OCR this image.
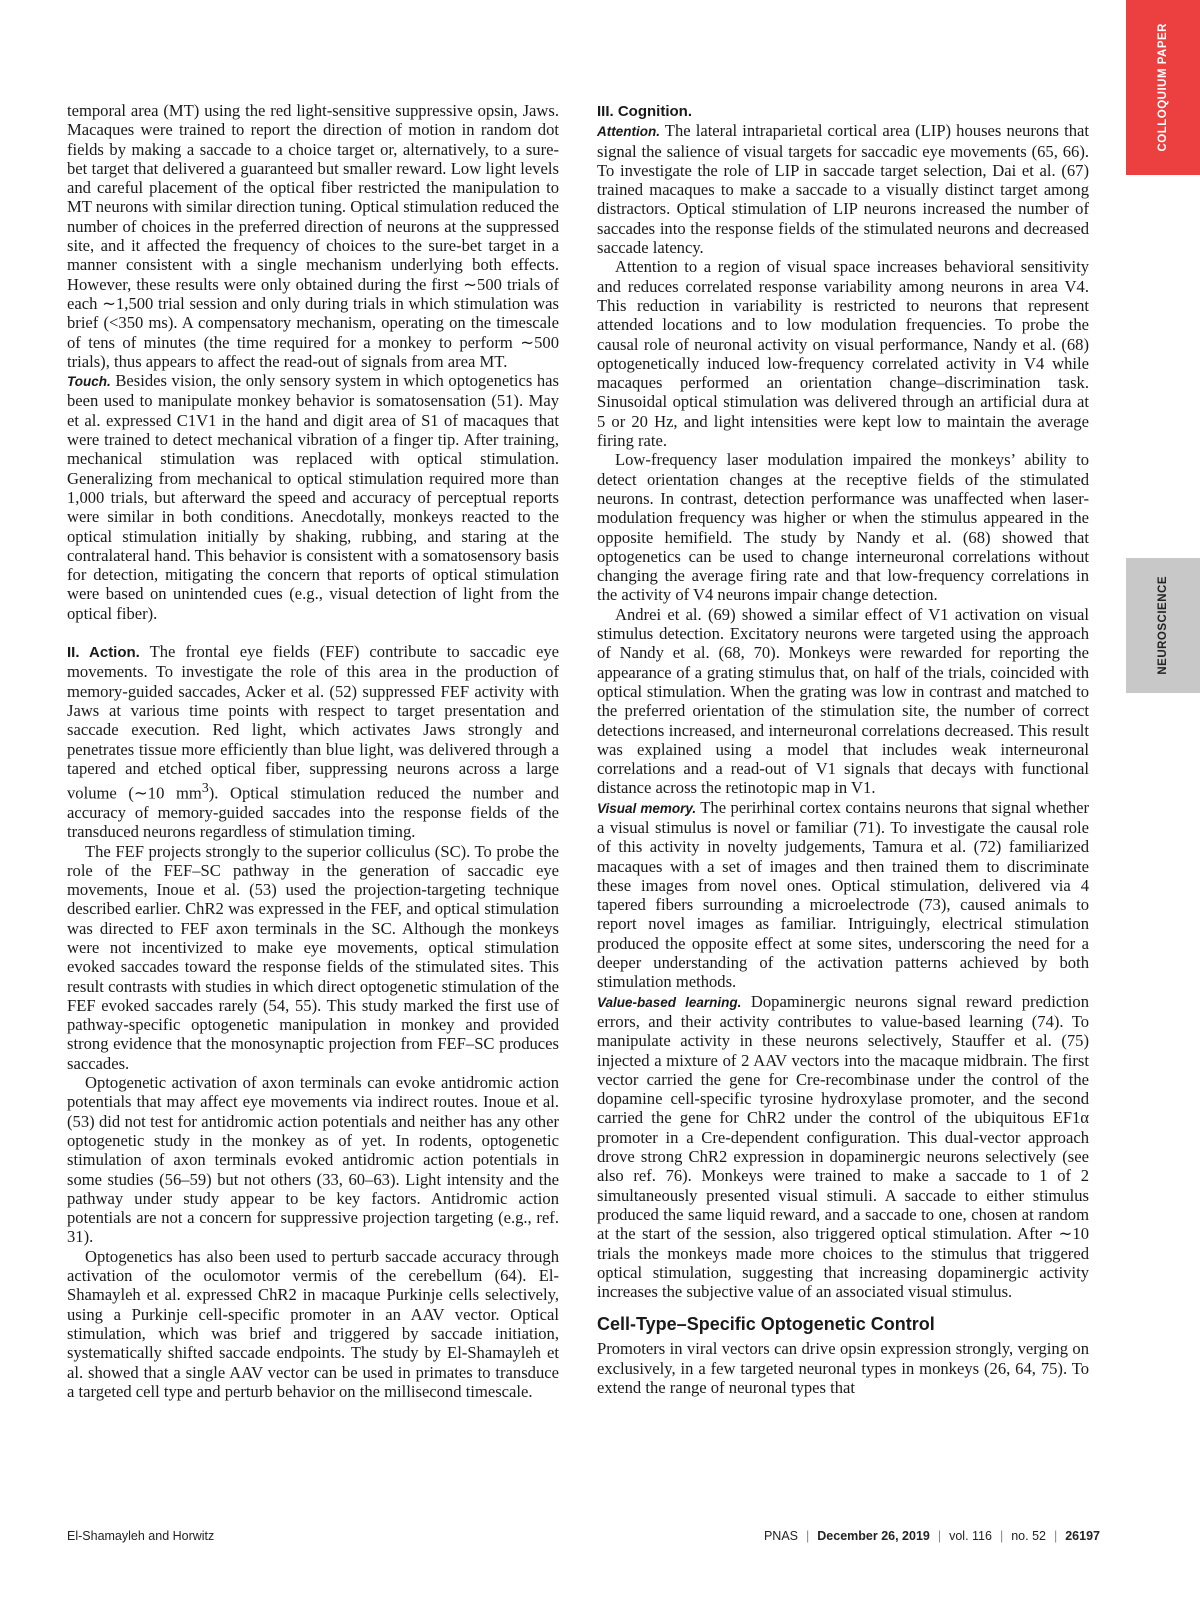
COLLOQUIUM PAPER
NEUROSCIENCE

temporal area (MT) using the red light-sensitive suppressive opsin, Jaws. Macaques were trained to report the direction of motion in random dot fields by making a saccade to a choice target or, alternatively, to a sure-bet target that delivered a guaranteed but smaller reward. Low light levels and careful placement of the optical fiber restricted the manipulation to MT neurons with similar direction tuning. Optical stimulation reduced the number of choices in the preferred direction of neurons at the suppressed site, and it affected the frequency of choices to the sure-bet target in a manner consistent with a single mechanism underlying both effects. However, these results were only obtained during the first ∼500 trials of each ∼1,500 trial session and only during trials in which stimulation was brief (<350 ms). A compensatory mechanism, operating on the timescale of tens of minutes (the time required for a monkey to perform ∼500 trials), thus appears to affect the read-out of signals from area MT.

Touch. Besides vision, the only sensory system in which optogenetics has been used to manipulate monkey behavior is somatosensation (51). May et al. expressed C1V1 in the hand and digit area of S1 of macaques that were trained to detect mechanical vibration of a finger tip. After training, mechanical stimulation was replaced with optical stimulation. Generalizing from mechanical to optical stimulation required more than 1,000 trials, but afterward the speed and accuracy of perceptual reports were similar in both conditions. Anecdotally, monkeys reacted to the optical stimulation initially by shaking, rubbing, and staring at the contralateral hand. This behavior is consistent with a somatosensory basis for detection, mitigating the concern that reports of optical stimulation were based on unintended cues (e.g., visual detection of light from the optical fiber).

II. Action. The frontal eye fields (FEF) contribute to saccadic eye movements. To investigate the role of this area in the production of memory-guided saccades, Acker et al. (52) suppressed FEF activity with Jaws at various time points with respect to target presentation and saccade execution. Red light, which activates Jaws strongly and penetrates tissue more efficiently than blue light, was delivered through a tapered and etched optical fiber, suppressing neurons across a large volume (∼10 $mm^3$). Optical stimulation reduced the number and accuracy of memory-guided saccades into the response fields of the transduced neurons regardless of stimulation timing.

The FEF projects strongly to the superior colliculus (SC). To probe the role of the FEF–SC pathway in the generation of saccadic eye movements, Inoue et al. (53) used the projection-targeting technique described earlier. ChR2 was expressed in the FEF, and optical stimulation was directed to FEF axon terminals in the SC. Although the monkeys were not incentivized to make eye movements, optical stimulation evoked saccades toward the response fields of the stimulated sites. This result contrasts with studies in which direct optogenetic stimulation of the FEF evoked saccades rarely (54, 55). This study marked the first use of pathway-specific optogenetic manipulation in monkey and provided strong evidence that the monosynaptic projection from FEF–SC produces saccades.

Optogenetic activation of axon terminals can evoke antidromic action potentials that may affect eye movements via indirect routes. Inoue et al. (53) did not test for antidromic action potentials and neither has any other optogenetic study in the monkey as of yet. In rodents, optogenetic stimulation of axon terminals evoked antidromic action potentials in some studies (56–59) but not others (33, 60–63). Light intensity and the pathway under study appear to be key factors. Antidromic action potentials are not a concern for suppressive projection targeting (e.g., ref. 31).

Optogenetics has also been used to perturb saccade accuracy through activation of the oculomotor vermis of the cerebellum (64). El-Shamayleh et al. expressed ChR2 in macaque Purkinje cells selectively, using a Purkinje cell-specific promoter in an AAV vector. Optical stimulation, which was brief and triggered by saccade initiation, systematically shifted saccade endpoints. The study by El-Shamayleh et al. showed that a single AAV vector can be used in primates to transduce a targeted cell type and perturb behavior on the millisecond timescale.

III. Cognition.

Attention. The lateral intraparietal cortical area (LIP) houses neurons that signal the salience of visual targets for saccadic eye movements (65, 66). To investigate the role of LIP in saccade target selection, Dai et al. (67) trained macaques to make a saccade to a visually distinct target among distractors. Optical stimulation of LIP neurons increased the number of saccades into the response fields of the stimulated neurons and decreased saccade latency.

Attention to a region of visual space increases behavioral sensitivity and reduces correlated response variability among neurons in area V4. This reduction in variability is restricted to neurons that represent attended locations and to low modulation frequencies. To probe the causal role of neuronal activity on visual performance, Nandy et al. (68) optogenetically induced low-frequency correlated activity in V4 while macaques performed an orientation change–discrimination task. Sinusoidal optical stimulation was delivered through an artificial dura at 5 or 20 Hz, and light intensities were kept low to maintain the average firing rate.

Low-frequency laser modulation impaired the monkeys’ ability to detect orientation changes at the receptive fields of the stimulated neurons. In contrast, detection performance was unaffected when laser-modulation frequency was higher or when the stimulus appeared in the opposite hemifield. The study by Nandy et al. (68) showed that optogenetics can be used to change interneuronal correlations without changing the average firing rate and that low-frequency correlations in the activity of V4 neurons impair change detection.

Andrei et al. (69) showed a similar effect of V1 activation on visual stimulus detection. Excitatory neurons were targeted using the approach of Nandy et al. (68, 70). Monkeys were rewarded for reporting the appearance of a grating stimulus that, on half of the trials, coincided with optical stimulation. When the grating was low in contrast and matched to the preferred orientation of the stimulation site, the number of correct detections increased, and interneuronal correlations decreased. This result was explained using a model that includes weak interneuronal correlations and a read-out of V1 signals that decays with functional distance across the retinotopic map in V1.

Visual memory. The perirhinal cortex contains neurons that signal whether a visual stimulus is novel or familiar (71). To investigate the causal role of this activity in novelty judgements, Tamura et al. (72) familiarized macaques with a set of images and then trained them to discriminate these images from novel ones. Optical stimulation, delivered via 4 tapered fibers surrounding a microelectrode (73), caused animals to report novel images as familiar. Intriguingly, electrical stimulation produced the opposite effect at some sites, underscoring the need for a deeper understanding of the activation patterns achieved by both stimulation methods.

Value-based learning. Dopaminergic neurons signal reward prediction errors, and their activity contributes to value-based learning (74). To manipulate activity in these neurons selectively, Stauffer et al. (75) injected a mixture of 2 AAV vectors into the macaque midbrain. The first vector carried the gene for Cre-recombinase under the control of the dopamine cell-specific tyrosine hydroxylase promoter, and the second carried the gene for ChR2 under the control of the ubiquitous EF1α promoter in a Cre-dependent configuration. This dual-vector approach drove strong ChR2 expression in dopaminergic neurons selectively (see also ref. 76). Monkeys were trained to make a saccade to 1 of 2 simultaneously presented visual stimuli. A saccade to either stimulus produced the same liquid reward, and a saccade to one, chosen at random at the start of the session, also triggered optical stimulation. After ∼10 trials the monkeys made more choices to the stimulus that triggered optical stimulation, suggesting that increasing dopaminergic activity increases the subjective value of an associated visual stimulus.

Cell-Type–Specific Optogenetic Control

Promoters in viral vectors can drive opsin expression strongly, verging on exclusively, in a few targeted neuronal types in monkeys (26, 64, 75). To extend the range of neuronal types that

El-Shamayleh and Horwitz	PNAS | December 26, 2019 | vol. 116 | no. 52 | 26197
